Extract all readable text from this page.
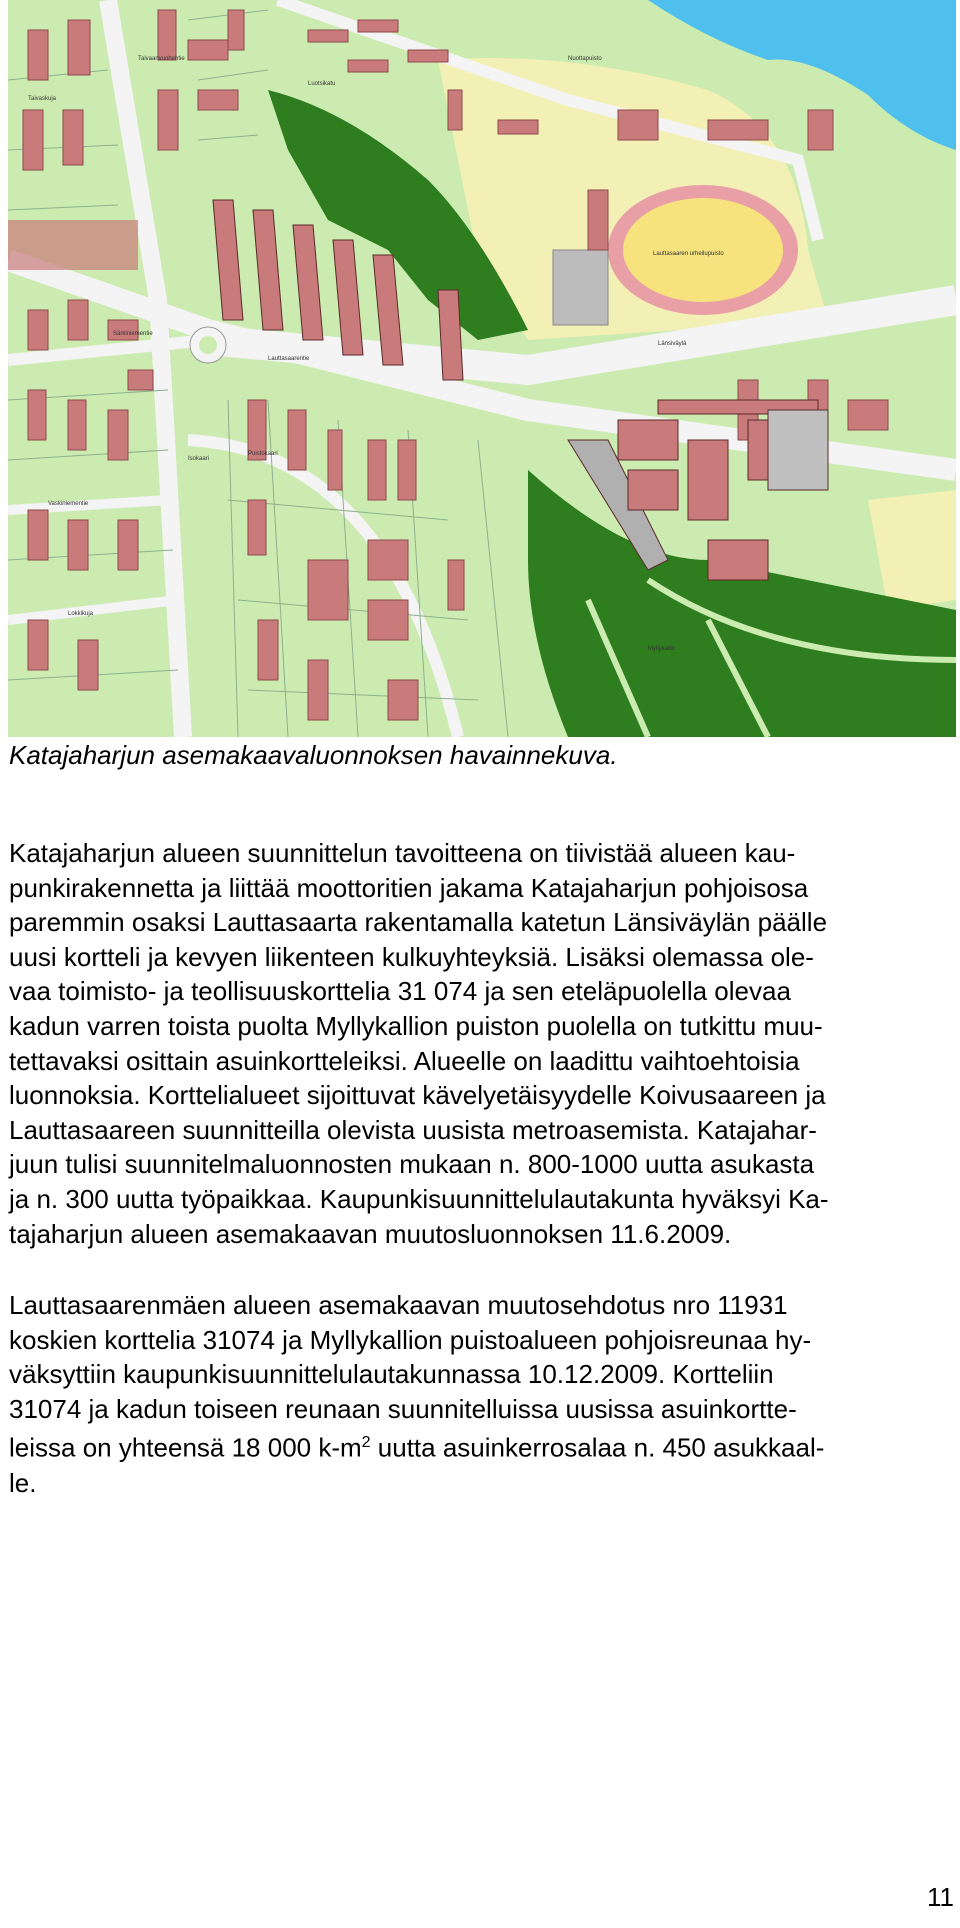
Taivaskuja
Luotsikatu
Särkiniementie
Lauttasaarentie
Länsiväylä
Vaskiniementie
Puistokaari
Lokkikuja
Isokaari
Taivaanvuohentie
Lauttasaaren urheilupuisto
Nuottapuisto
Myllykallio
Katajaharjun asemakaavaluonnoksen havainnekuva.

Katajaharjun alueen suunnittelun tavoitteena on tiivistää alueen kau-
punkirakennetta ja liittää moottoritien jakama Katajaharjun pohjoisosa
paremmin osaksi Lauttasaarta rakentamalla katetun Länsiväylän päälle
uusi kortteli ja kevyen liikenteen kulkuyhteyksiä. Lisäksi olemassa ole-
vaa toimisto- ja teollisuuskorttelia 31 074 ja sen eteläpuolella olevaa
kadun varren toista puolta Myllykallion puiston puolella on tutkittu muu-
tettavaksi osittain asuinkortteleiksi. Alueelle on laadittu vaihtoehtoisia
luonnoksia. Korttelialueet sijoittuvat kävelyetäisyydelle Koivusaareen ja
Lauttasaareen suunnitteilla olevista uusista metroasemista. Katajahar-
juun tulisi suunnitelmaluonnosten mukaan n. 800-1000 uutta asukasta
ja n. 300 uutta työpaikkaa. Kaupunkisuunnittelulautakunta hyväksyi Ka-
tajaharjun alueen asemakaavan muutosluonnoksen 11.6.2009.

Lauttasaarenmäen alueen asemakaavan muutosehdotus nro 11931
koskien korttelia 31074 ja Myllykallion puistoalueen pohjoisreunaa hy-
väksyttiin kaupunkisuunnittelulautakunnassa 10.12.2009. Kortteliin
31074 ja kadun toiseen reunaan suunnitelluissa uusissa asuinkortte-
leissa on yhteensä 18 000 $k-m^2$ uutta asuinkerrosalaa n. 450 asukkaal-
le.

11
